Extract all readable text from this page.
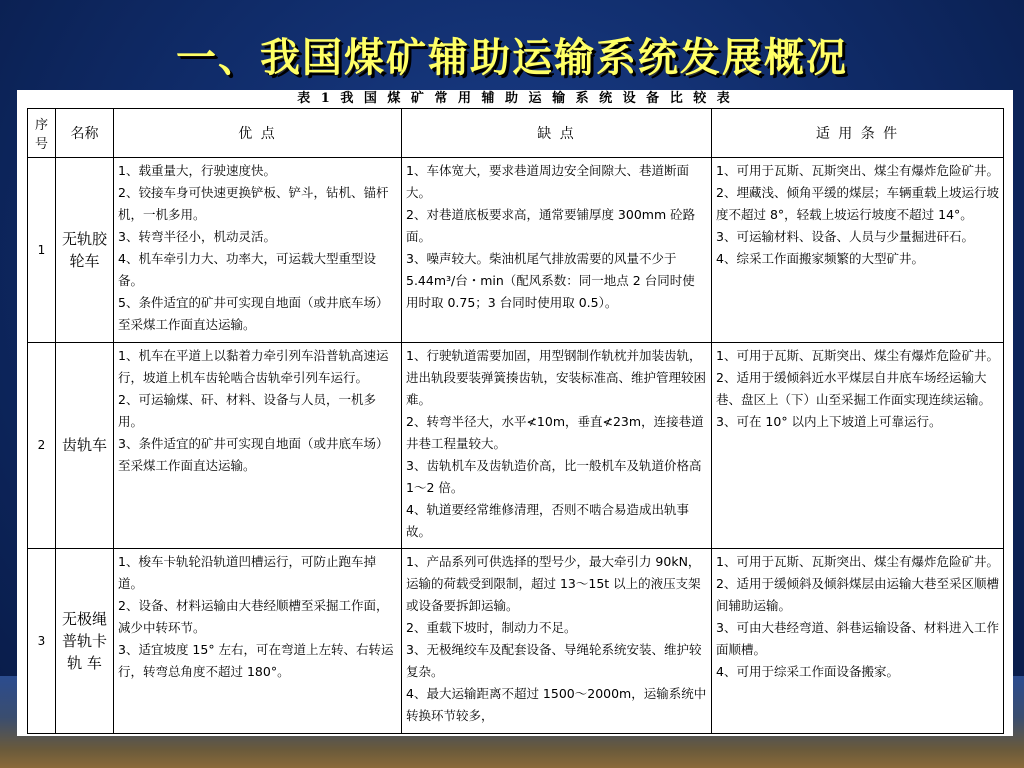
一、我国煤矿辅助运输系统发展概况
表 1 我 国 煤 矿 常 用 辅 助 运 输 系 统 设 备 比 较 表
序号	名称	优 点	缺 点	适 用 条 件
1	无轨胶轮车	1、载重量大，行驶速度快。
2、铰接车身可快速更换铲板、铲斗，钻机、锚杆机，一机多用。
3、转弯半径小，机动灵活。
4、机车牵引力大、功率大，可运载大型重型设备。
5、条件适宜的矿井可实现自地面（或井底车场）至采煤工作面直达运输。	1、车体宽大，要求巷道周边安全间隙大、巷道断面大。
2、对巷道底板要求高，通常要铺厚度 300mm 砼路面。
3、噪声较大。柴油机尾气排放需要的风量不少于 5.44m³/台・min（配风系数：同一地点 2 台同时使用时取 0.75；3 台同时使用取 0.5）。	1、可用于瓦斯、瓦斯突出、煤尘有爆炸危险矿井。
2、埋藏浅、倾角平缓的煤层；车辆重载上坡运行坡度不超过 8°，轻载上坡运行坡度不超过 14°。
3、可运输材料、设备、人员与少量掘进矸石。
4、综采工作面搬家频繁的大型矿井。

2	齿轨车	1、机车在平道上以黏着力牵引列车沿普轨高速运行，坡道上机车齿轮啮合齿轨牵引列车运行。
2、可运输煤、矸、材料、设备与人员，一机多用。
3、条件适宜的矿井可实现自地面（或井底车场）至采煤工作面直达运输。	1、行驶轨道需要加固，用型钢制作轨枕并加装齿轨，进出轨段要装弹簧揍齿轨，安装标准高、维护管理较困难。
2、转弯半径大，水平≮10m，垂直≮23m，连接巷道井巷工程量较大。
3、齿轨机车及齿轨造价高，比一般机车及轨道价格高 1～2 倍。
4、轨道要经常维修清理，否则不啮合易造成出轨事故。	1、可用于瓦斯、瓦斯突出、煤尘有爆炸危险矿井。
2、适用于缓倾斜近水平煤层自井底车场经运输大巷、盘区上（下）山至采掘工作面实现连续运输。
3、可在 10° 以内上下坡道上可靠运行。

3	无极绳普轨卡轨 车	1、梭车卡轨轮沿轨道凹槽运行，可防止跑车掉道。
2、设备、材料运输由大巷经顺槽至采掘工作面，减少中转环节。
3、适宜坡度 15° 左右，可在弯道上左转、右转运行，转弯总角度不超过 180°。	1、产品系列可供选择的型号少，最大牵引力 90kN，运输的荷载受到限制，超过 13～15t 以上的液压支架或设备要拆卸运输。
2、重载下坡时，制动力不足。
3、无极绳绞车及配套设备、导绳轮系统安装、维护较复杂。
4、最大运输距离不超过 1500～2000m，运输系统中转换环节较多，	1、可用于瓦斯、瓦斯突出、煤尘有爆炸危险矿井。
2、适用于缓倾斜及倾斜煤层由运输大巷至采区顺槽间辅助运输。
3、可由大巷经弯道、斜巷运输设备、材料进入工作面顺槽。
4、可用于综采工作面设备搬家。
